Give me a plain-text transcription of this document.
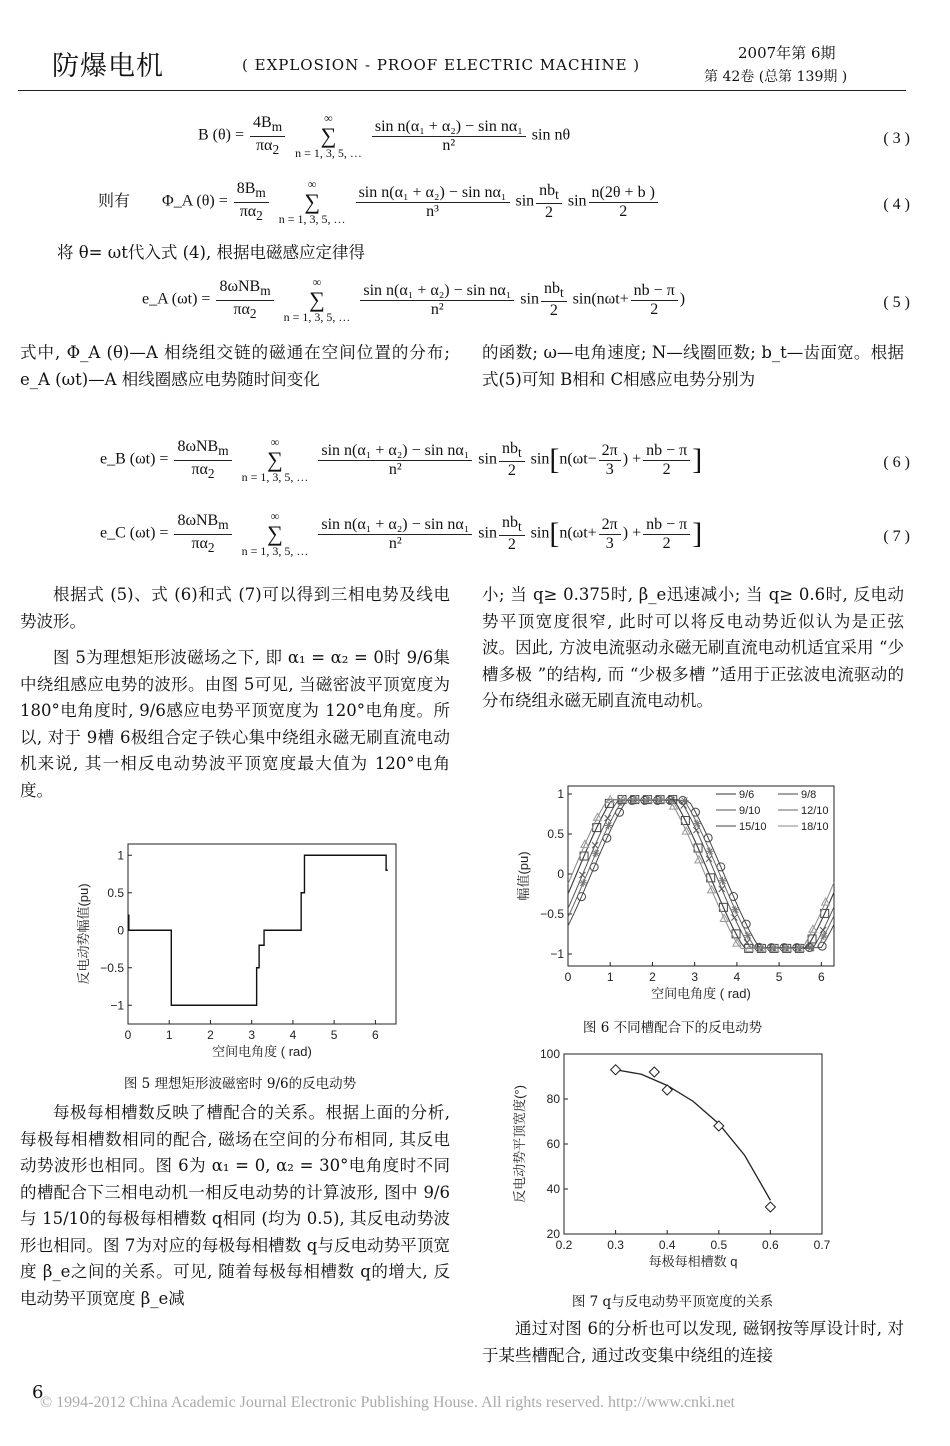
防爆电机	( EXPLOSION - PROOF ELECTRIC MACHINE )
2007年第 6期
第 42卷 (总第 139期 )
B $(\theta) = \frac{4B_m}{\pi\alpha_2}$	∞
∑
n = 1, 3, 5, … $\frac{\text{sin n(α₁ + α₂) − sin nα₁}}{\text{n²}}$ sin nθ	( 3 )
则有 Φ_A $(\theta) = \frac{8B_m}{\pi\alpha_2}$	∞
∑
n = 1, 3, 5, … $\frac{\text{sin n(α₁ + α₂) − sin nα₁}}{\text{n³}}$ $\sin \frac{nb_t}{2}$ $\sin \frac{n(2\theta + b )}{2}$	( 4 )
将 θ= ωt代入式 (4), 根据电磁感应定律得
e_A $(\omega t) = \frac{8\omega NB_m}{\pi\alpha_2}$	∞
∑
n = 1, 3, 5, … $\frac{\text{sin n(α₁ + α₂) − sin nα₁}}{\text{n²}}$ $\sin \frac{nb_t}{2} \sin(n\omega t+ \frac{nb - \pi}{2}$ )	( 5 )
式中, Φ_A (θ)—A 相绕组交链的磁通在空间位置的分布; e_A (ωt)—A 相线圈感应电势随时间变化
的函数; ω—电角速度; N—线圈匝数; b_t—齿面宽。根据式(5)可知 B相和 C相感应电势分别为
e_B $(\omega t) = \frac{8\omega NB_m}{\pi\alpha_2}$	∞
∑
n = 1, 3, 5, … $\frac{\text{sin n(α₁ + α₂) − sin nα₁}}{\text{n²}}$ $\sin \frac{nb_t}{2} \sin[n(\omega t- \frac{2\pi}{3}$ ) + $\frac{nb - \pi}{2}$ ]	( 6 )
e_C $(\omega t) = \frac{8\omega NB_m}{\pi\alpha_2}$	∞
∑
n = 1, 3, 5, … $\frac{\text{sin n(α₁ + α₂) − sin nα₁}}{\text{n²}}$ $\sin \frac{nb_t}{2} \sin[n(\omega t+ \frac{2\pi}{3}$ ) + $\frac{nb - \pi}{2}$ ]	( 7 )
根据式 (5)、式 (6)和式 (7)可以得到三相电势及线电势波形。
图 5为理想矩形波磁场之下, 即 α₁ = α₂ = 0时 9/6集中绕组感应电势的波形。由图 5可见, 当磁密波平顶宽度为 180°电角度时, 9/6感应电势平顶宽度为 120°电角度。所以, 对于 9槽 6极组合定子铁心集中绕组永磁无刷直流电动机来说, 其一相反电动势波平顶宽度最大值为 120°电角度。
0	1	2	3	4	5	6
1
0.5
0
−0.5
−1
空间电角度 ( rad)
反电动势幅值(pu)
图 5 理想矩形波磁密时 9/6的反电动势
每极每相槽数反映了槽配合的关系。根据上面的分析, 每极每相槽数相同的配合, 磁场在空间的分布相同, 其反电动势波形也相同。图 6为 α₁ = 0, α₂ = 30°电角度时不同的槽配合下三相电动机一相反电动势的计算波形, 图中 9/6与 15/10的每极每相槽数 q相同 (均为 0.5), 其反电动势波形也相同。图 7为对应的每极每相槽数 q与反电动势平顶宽度 β_e之间的关系。可见, 随着每极每相槽数 q的增大, 反电动势平顶宽度 β_e减
小; 当 q≥ 0.375时, β_e迅速减小; 当 q≥ 0.6时, 反电动势平顶宽度很窄, 此时可以将反电动势近似认为是正弦波。因此, 方波电流驱动永磁无刷直流电动机适宜采用 “少槽多极 ”的结构, 而 “少极多槽 ”适用于正弦波电流驱动的分布绕组永磁无刷直流电动机。
0	1	2	3	4	5	6
1
0.5
0
−0.5
−1
空间电角度 ( rad)
幅值(pu)
9/6	9/8
9/10	12/10
15/10	18/10
图 6 不同槽配合下的反电动势
0.2	0.3	0.4	0.5	0.6	0.7
100
80
60
40
20
每极每相槽数 q
反电动势平顶宽度(°)
图 7 q与反电动势平顶宽度的关系
通过对图 6的分析也可以发现, 磁钢按等厚设计时, 对于某些槽配合, 通过改变集中绕组的连接
6
© 1994-2012 China Academic Journal Electronic Publishing House. All rights reserved. http://www.cnki.net
